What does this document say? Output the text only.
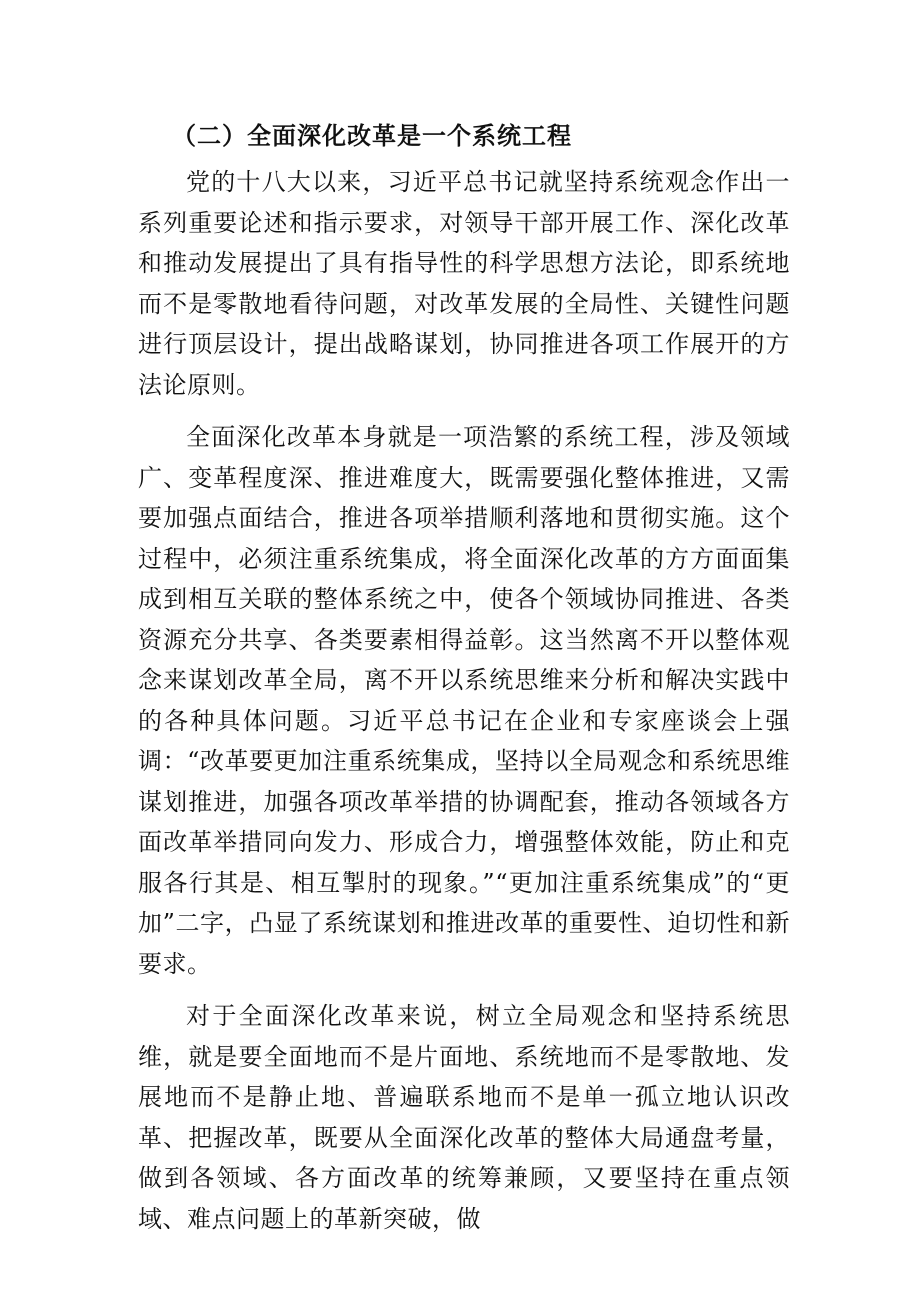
（二）全面深化改革是一个系统工程

党的十八大以来，习近平总书记就坚持系统观念作出一系列重要论述和指示要求，对领导干部开展工作、深化改革和推动发展提出了具有指导性的科学思想方法论，即系统地而不是零散地看待问题，对改革发展的全局性、关键性问题进行顶层设计，提出战略谋划，协同推进各项工作展开的方法论原则。

全面深化改革本身就是一项浩繁的系统工程，涉及领域广、变革程度深、推进难度大，既需要强化整体推进，又需要加强点面结合，推进各项举措顺利落地和贯彻实施。这个过程中，必须注重系统集成，将全面深化改革的方方面面集成到相互关联的整体系统之中，使各个领域协同推进、各类资源充分共享、各类要素相得益彰。这当然离不开以整体观念来谋划改革全局，离不开以系统思维来分析和解决实践中的各种具体问题。习近平总书记在企业和专家座谈会上强调：“改革要更加注重系统集成，坚持以全局观念和系统思维谋划推进，加强各项改革举措的协调配套，推动各领域各方面改革举措同向发力、形成合力，增强整体效能，防止和克服各行其是、相互掣肘的现象。”“更加注重系统集成”的“更加”二字，凸显了系统谋划和推进改革的重要性、迫切性和新要求。

对于全面深化改革来说，树立全局观念和坚持系统思维，就是要全面地而不是片面地、系统地而不是零散地、发展地而不是静止地、普遍联系地而不是单一孤立地认识改革、把握改革，既要从全面深化改革的整体大局通盘考量，做到各领域、各方面改革的统筹兼顾，又要坚持在重点领域、难点问题上的革新突破，做
